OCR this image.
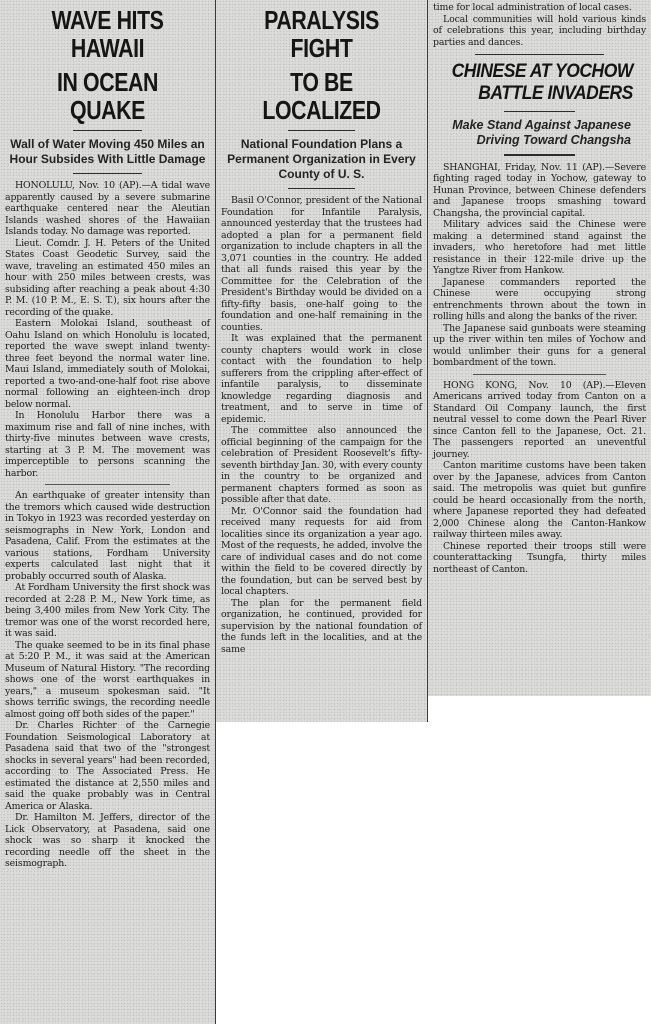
WAVE HITS HAWAII
IN OCEAN QUAKE
Wall of Water Moving 450 Miles an Hour Subsides With Little Damage

HONOLULU, Nov. 10 (AP).—A tidal wave apparently caused by a severe submarine earthquake centered near the Aleutian Islands washed shores of the Hawaiian Islands today. No damage was reported.

Lieut. Comdr. J. H. Peters of the United States Coast Geodetic Survey, said the wave, traveling an estimated 450 miles an hour with 250 miles between crests, was subsiding after reaching a peak about 4:30 P. M. (10 P. M., E. S. T.), six hours after the recording of the quake.

Eastern Molokai Island, southeast of Oahu Island on which Honolulu is located, reported the wave swept inland twenty-three feet beyond the normal water line. Maui Island, immediately south of Molokai, reported a two-and-one-half foot rise above normal following an eighteen-inch drop below normal.

In Honolulu Harbor there was a maximum rise and fall of nine inches, with thirty-five minutes between wave crests, starting at 3 P. M. The movement was imperceptible to persons scanning the harbor.

An earthquake of greater intensity than the tremors which caused wide destruction in Tokyo in 1923 was recorded yesterday on seismographs in New York, London and Pasadena, Calif. From the estimates at the various stations, Fordham University experts calculated last night that it probably occurred south of Alaska.

At Fordham University the first shock was recorded at 2:28 P. M., New York time, as being 3,400 miles from New York City. The tremor was one of the worst recorded here, it was said.

The quake seemed to be in its final phase at 5:20 P. M., it was said at the American Museum of Natural History. "The recording shows one of the worst earthquakes in years," a museum spokesman said. "It shows terrific swings, the recording needle almost going off both sides of the paper."

Dr. Charles Richter of the Carnegie Foundation Seismological Laboratory at Pasadena said that two of the "strongest shocks in several years" had been recorded, according to The Associated Press. He estimated the distance at 2,550 miles and said the quake probably was in Central America or Alaska.

Dr. Hamilton M. Jeffers, director of the Lick Observatory, at Pasadena, said one shock was so sharp it knocked the recording needle off the sheet in the seismograph.

PARALYSIS FIGHT
TO BE LOCALIZED
National Foundation Plans a Permanent Organization in Every County of U. S.

Basil O'Connor, president of the National Foundation for Infantile Paralysis, announced yesterday that the trustees had adopted a plan for a permanent field organization to include chapters in all the 3,071 counties in the country. He added that all funds raised this year by the Committee for the Celebration of the President's Birthday would be divided on a fifty-fifty basis, one-half going to the foundation and one-half remaining in the counties.

It was explained that the permanent county chapters would work in close contact with the foundation to help sufferers from the crippling after-effect of infantile paralysis, to disseminate knowledge regarding diagnosis and treatment, and to serve in time of epidemic.

The committee also announced the official beginning of the campaign for the celebration of President Roosevelt's fifty-seventh birthday Jan. 30, with every county in the country to be organized and permanent chapters formed as soon as possible after that date.

Mr. O'Connor said the foundation had received many requests for aid from localities since its organization a year ago. Most of the requests, he added, involve the care of individual cases and do not come within the field to be covered directly by the foundation, but can be served best by local chapters.

The plan for the permanent field organization, he continued, provided for supervision by the national foundation of the funds left in the localities, and at the same

time for local administration of local cases.

Local communities will hold various kinds of celebrations this year, including birthday parties and dances.

CHINESE AT YOCHOW BATTLE INVADERS
Make Stand Against Japanese Driving Toward Changsha

SHANGHAI, Friday, Nov. 11 (AP).—Severe fighting raged today in Yochow, gateway to Hunan Province, between Chinese defenders and Japanese troops smashing toward Changsha, the provincial capital.

Military advices said the Chinese were making a determined stand against the invaders, who heretofore had met little resistance in their 122-mile drive up the Yangtze River from Hankow.

Japanese commanders reported the Chinese were occupying strong entrenchments thrown about the town in rolling hills and along the banks of the river.

The Japanese said gunboats were steaming up the river within ten miles of Yochow and would unlimber their guns for a general bombardment of the town.

HONG KONG, Nov. 10 (AP).—Eleven Americans arrived today from Canton on a Standard Oil Company launch, the first neutral vessel to come down the Pearl River since Canton fell to the Japanese, Oct. 21. The passengers reported an uneventful journey.

Canton maritime customs have been taken over by the Japanese, advices from Canton said. The metropolis was quiet but gunfire could be heard occasionally from the north, where Japanese reported they had defeated 2,000 Chinese along the Canton-Hankow railway thirteen miles away.

Chinese reported their troops still were counterattacking Tsungfa, thirty miles northeast of Canton.
